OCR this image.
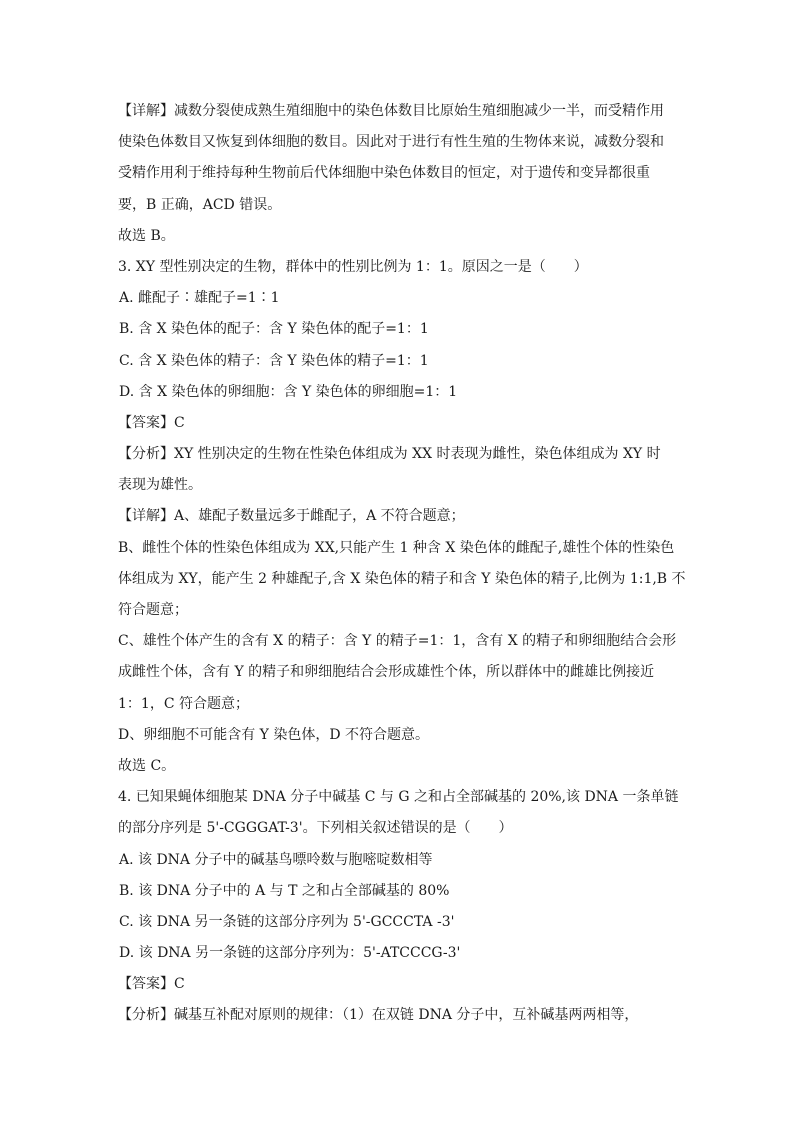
【详解】减数分裂使成熟生殖细胞中的染色体数目比原始生殖细胞减少一半，而受精作用
使染色体数目又恢复到体细胞的数目。因此对于进行有性生殖的生物体来说，减数分裂和
受精作用利于维持每种生物前后代体细胞中染色体数目的恒定，对于遗传和变异都很重
要，B 正确，ACD 错误。
故选 B。
3. XY 型性别决定的生物，群体中的性别比例为 1：1。原因之一是（　　）
A. 雌配子∶雄配子=1∶1
B. 含 X 染色体的配子：含 Y 染色体的配子=1：1
C. 含 X 染色体的精子：含 Y 染色体的精子=1：1
D. 含 X 染色体的卵细胞：含 Y 染色体的卵细胞=1：1
【答案】C
【分析】XY 性别决定的生物在性染色体组成为 XX 时表现为雌性，染色体组成为 XY 时
表现为雄性。
【详解】A、雄配子数量远多于雌配子，A 不符合题意；
B、雌性个体的性染色体组成为 XX,只能产生 1 种含 X 染色体的雌配子,雄性个体的性染色
体组成为 XY，能产生 2 种雄配子,含 X 染色体的精子和含 Y 染色体的精子,比例为 1:1,B 不
符合题意；
C、雄性个体产生的含有 X 的精子：含 Y 的精子=1：1，含有 X 的精子和卵细胞结合会形
成雌性个体，含有 Y 的精子和卵细胞结合会形成雄性个体，所以群体中的雌雄比例接近
1：1，C 符合题意；
D、卵细胞不可能含有 Y 染色体，D 不符合题意。
故选 C。
4. 已知果蝇体细胞某 DNA 分子中碱基 C 与 G 之和占全部碱基的 20%,该 DNA 一条单链
的部分序列是 5'-CGGGAT-3'。下列相关叙述错误的是（　　）
A. 该 DNA 分子中的碱基鸟嘌呤数与胞嘧啶数相等
B. 该 DNA 分子中的 A 与 T 之和占全部碱基的 80%
C. 该 DNA 另一条链的这部分序列为 5'-GCCCTA -3'
D. 该 DNA 另一条链的这部分序列为：5'-ATCCCG-3'
【答案】C
【分析】碱基互补配对原则的规律：（1）在双链 DNA 分子中，互补碱基两两相等，
